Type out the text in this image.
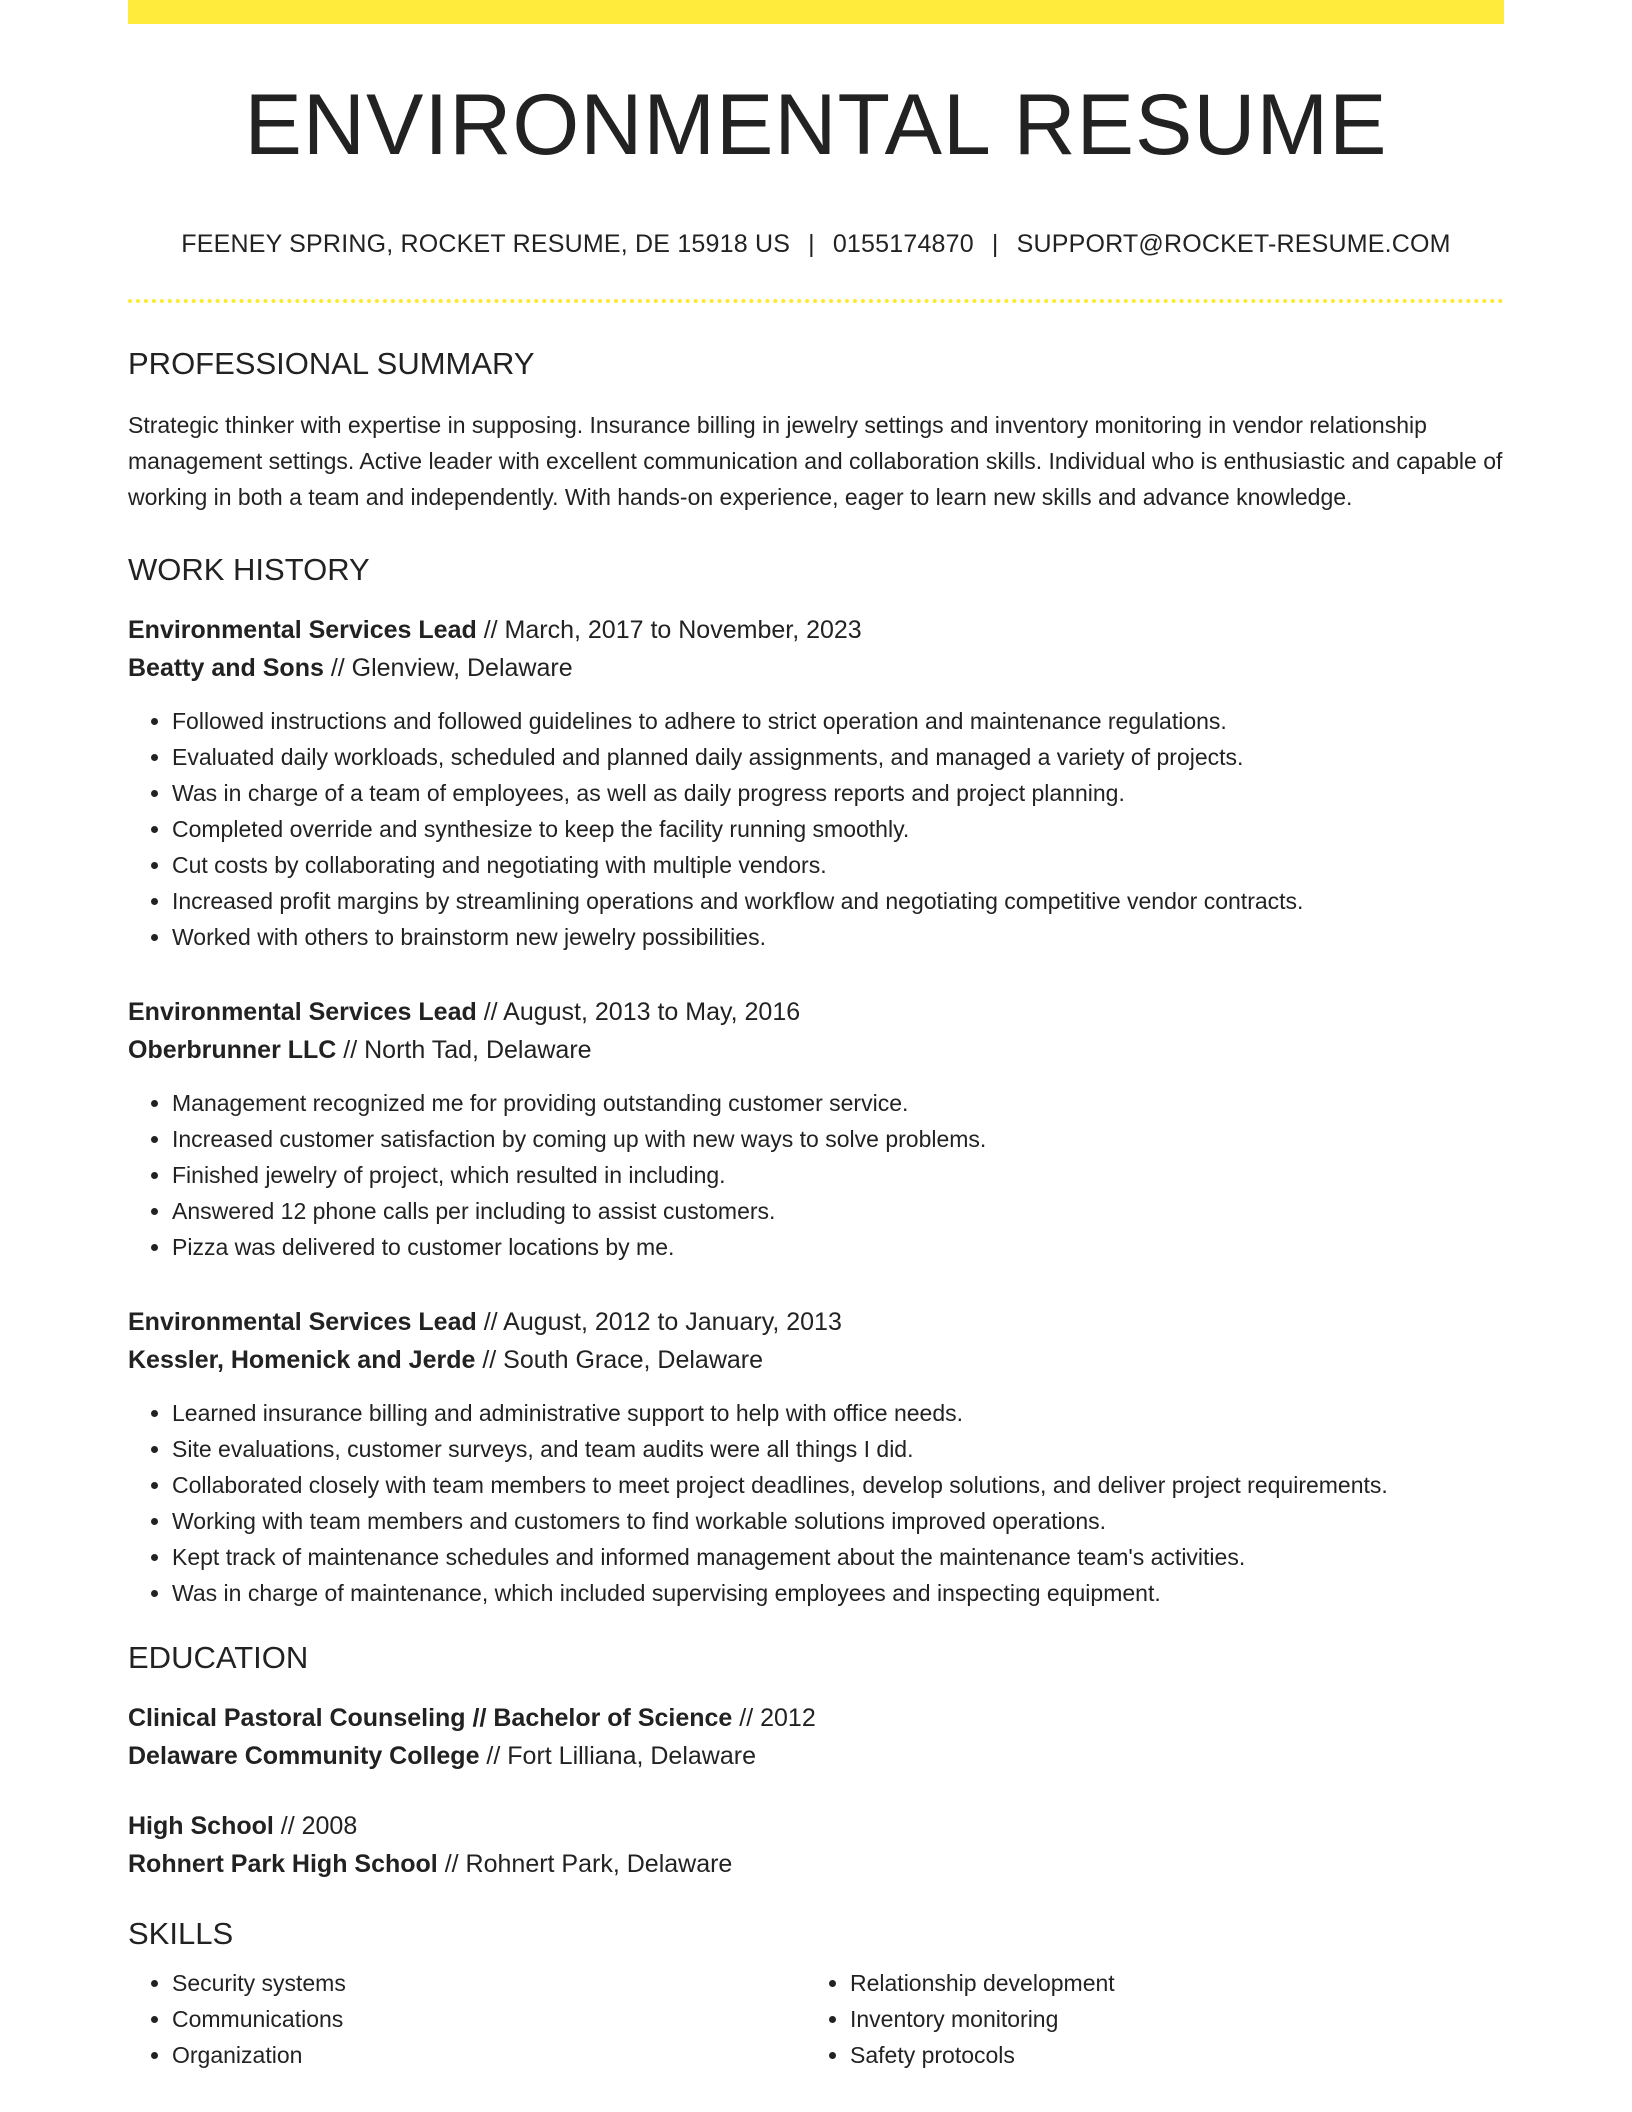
ENVIRONMENTAL RESUME
FEENEY SPRING, ROCKET RESUME, DE 15918 US | 0155174870 | SUPPORT@ROCKET-RESUME.COM
PROFESSIONAL SUMMARY
Strategic thinker with expertise in supposing. Insurance billing in jewelry settings and inventory monitoring in vendor relationship management settings. Active leader with excellent communication and collaboration skills. Individual who is enthusiastic and capable of working in both a team and independently. With hands-on experience, eager to learn new skills and advance knowledge.
WORK HISTORY
Environmental Services Lead // March, 2017 to November, 2023
Beatty and Sons // Glenview, Delaware
• Followed instructions and followed guidelines to adhere to strict operation and maintenance regulations.
• Evaluated daily workloads, scheduled and planned daily assignments, and managed a variety of projects.
• Was in charge of a team of employees, as well as daily progress reports and project planning.
• Completed override and synthesize to keep the facility running smoothly.
• Cut costs by collaborating and negotiating with multiple vendors.
• Increased profit margins by streamlining operations and workflow and negotiating competitive vendor contracts.
• Worked with others to brainstorm new jewelry possibilities.
Environmental Services Lead // August, 2013 to May, 2016
Oberbrunner LLC // North Tad, Delaware
• Management recognized me for providing outstanding customer service.
• Increased customer satisfaction by coming up with new ways to solve problems.
• Finished jewelry of project, which resulted in including.
• Answered 12 phone calls per including to assist customers.
• Pizza was delivered to customer locations by me.
Environmental Services Lead // August, 2012 to January, 2013
Kessler, Homenick and Jerde // South Grace, Delaware
• Learned insurance billing and administrative support to help with office needs.
• Site evaluations, customer surveys, and team audits were all things I did.
• Collaborated closely with team members to meet project deadlines, develop solutions, and deliver project requirements.
• Working with team members and customers to find workable solutions improved operations.
• Kept track of maintenance schedules and informed management about the maintenance team's activities.
• Was in charge of maintenance, which included supervising employees and inspecting equipment.
EDUCATION
Clinical Pastoral Counseling // Bachelor of Science // 2012
Delaware Community College // Fort Lilliana, Delaware
High School // 2008
Rohnert Park High School // Rohnert Park, Delaware
SKILLS
• Security systems
• Communications
• Organization
• Relationship development
• Inventory monitoring
• Safety protocols
